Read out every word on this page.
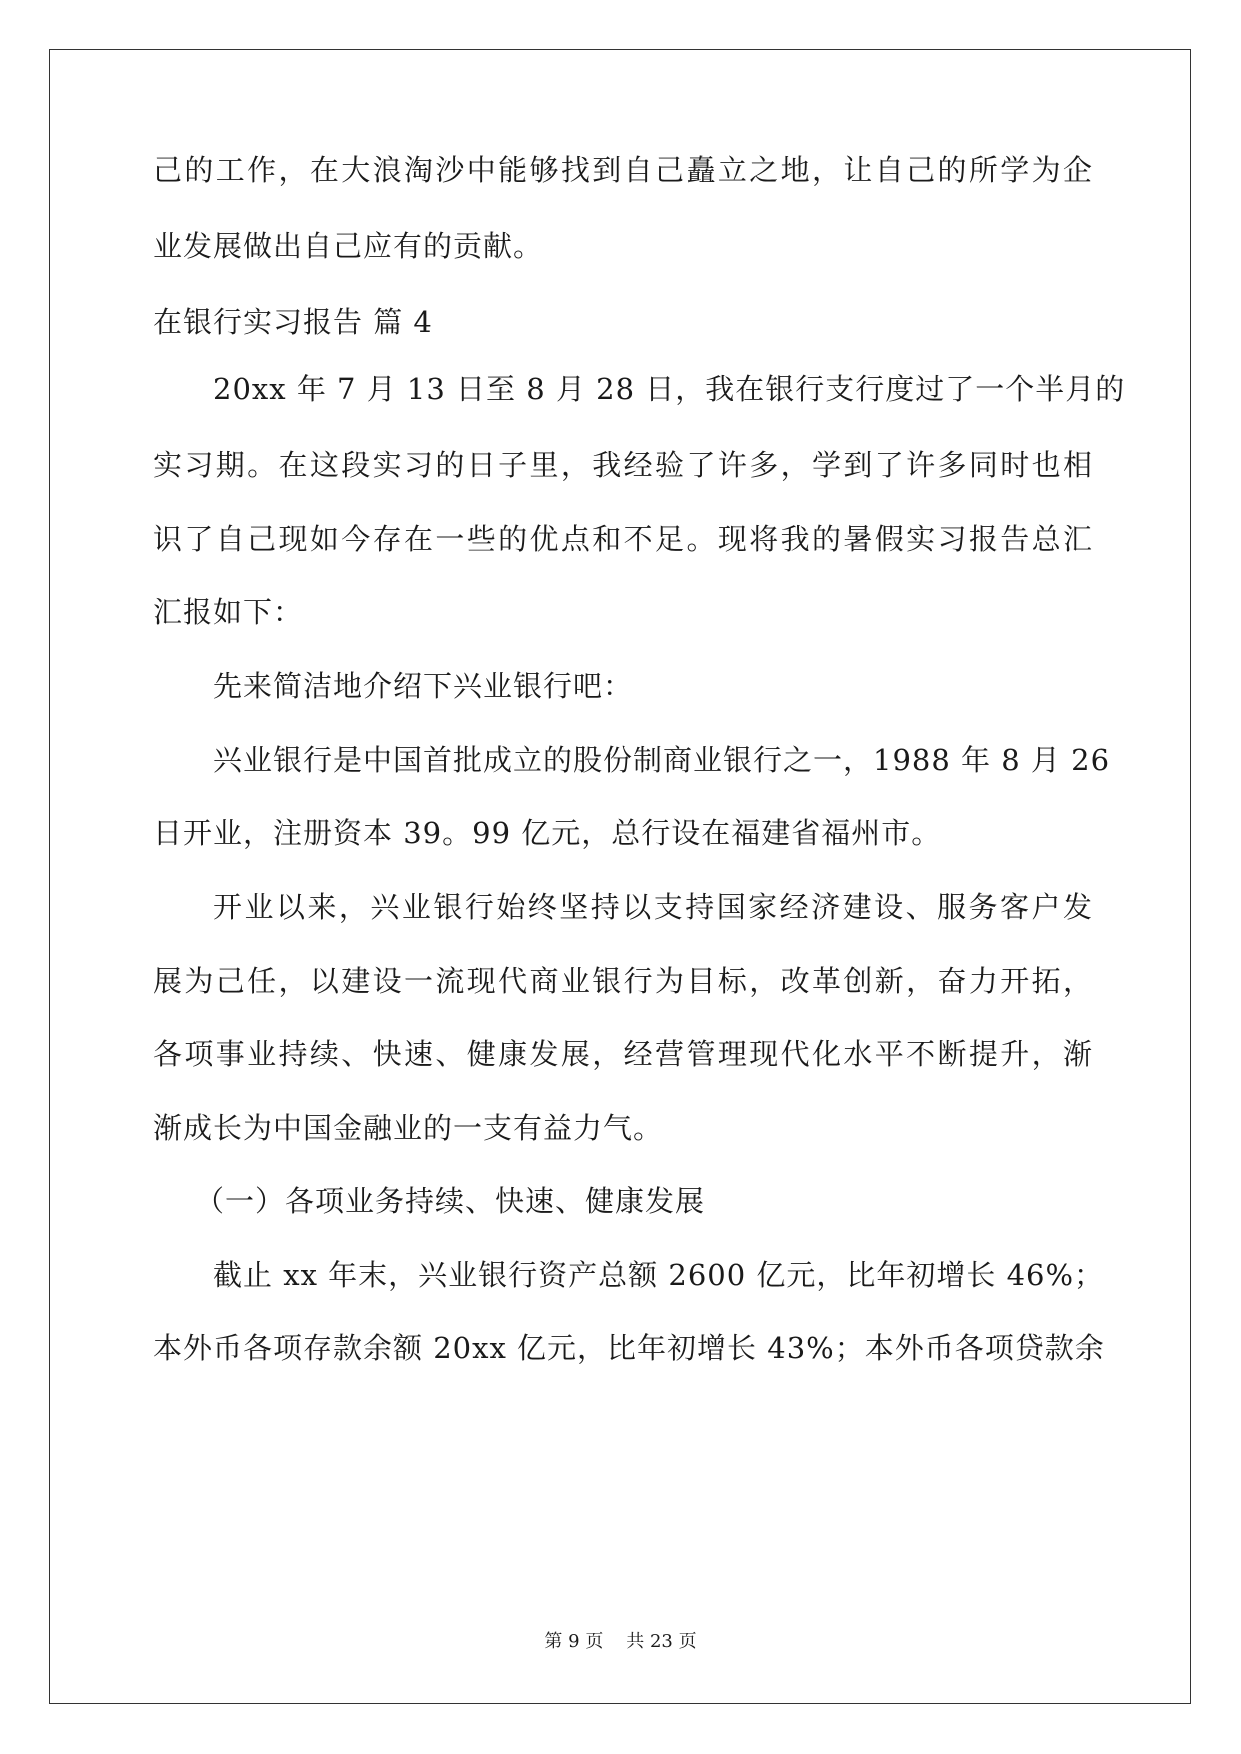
己的工作，在大浪淘沙中能够找到自己矗立之地，让自己的所学为企
业发展做出自己应有的贡献。
在银行实习报告 篇 4
20xx 年 7 月 13 日至 8 月 28 日，我在银行支行度过了一个半月的
实习期。在这段实习的日子里，我经验了许多，学到了许多同时也相
识了自己现如今存在一些的优点和不足。现将我的暑假实习报告总汇
汇报如下：
先来简洁地介绍下兴业银行吧：
兴业银行是中国首批成立的股份制商业银行之一，1988 年 8 月 26
日开业，注册资本 39。99 亿元，总行设在福建省福州市。
开业以来，兴业银行始终坚持以支持国家经济建设、服务客户发
展为己任，以建设一流现代商业银行为目标，改革创新，奋力开拓，
各项事业持续、快速、健康发展，经营管理现代化水平不断提升，渐
渐成长为中国金融业的一支有益力气。
（一）各项业务持续、快速、健康发展
截止 xx 年末，兴业银行资产总额 2600 亿元，比年初增长 46%；
本外币各项存款余额 20xx 亿元，比年初增长 43%；本外币各项贷款余
第 9 页 共 23 页
